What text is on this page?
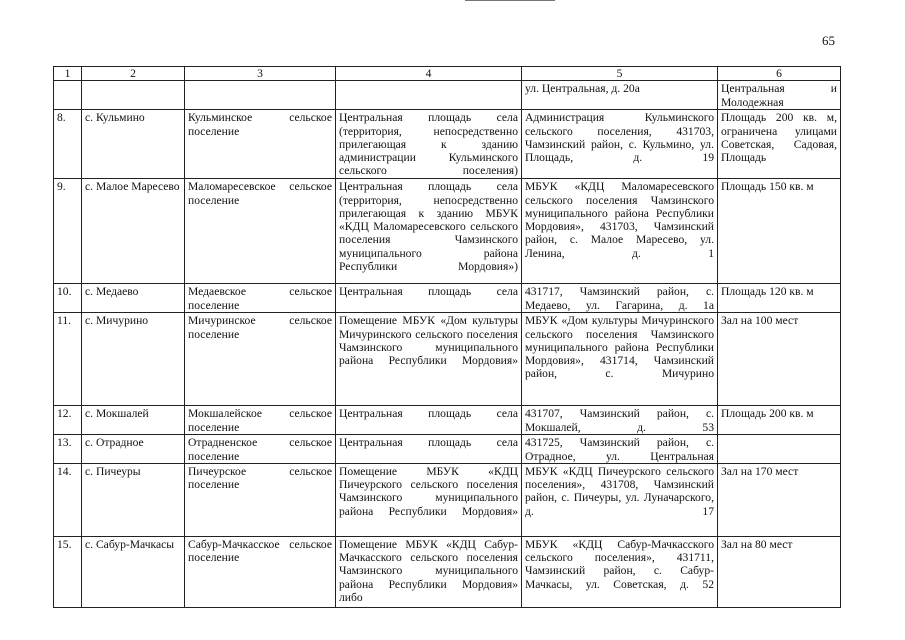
65
1	2	3	4	5	6
				ул. Центральная, д. 20а	Центральная и Молодежная
8.	с. Кульмино	Кульминское сельское поселение	Центральная площадь села (территория, непосредственно прилегающая к зданию администрации Кульминского сельского поселения)	Администрация Кульминского сельского поселения, 431703, Чамзинский район, с. Кульмино, ул. Площадь, д. 19	Площадь 200 кв. м, ограничена улицами Советская, Садовая, Площадь
9.	с. Малое Маресево	Маломаресевское сельское поселение	Центральная площадь села (территория, непосредственно прилегающая к зданию МБУК «КДЦ Маломаресевского сельского поселения Чамзинского муниципального района Республики Мордовия»)	МБУК «КДЦ Маломаресевского сельского поселения Чамзинского муниципального района Республики Мордовия», 431703, Чамзинский район, с. Малое Маресево, ул. Ленина, д. 1	Площадь 150 кв. м
10.	с. Медаево	Медаевское сельское поселение	Центральная площадь села	431717, Чамзинский район, с. Медаево, ул. Гагарина, д. 1а	Площадь 120 кв. м
11.	с. Мичурино	Мичуринское сельское поселение	Помещение МБУК «Дом культуры Мичуринского сельского поселения Чамзинского муниципального района Республики Мордовия»	МБУК «Дом культуры Мичуринского сельского поселения Чамзинского муниципального района Республики Мордовия», 431714, Чамзинский район, с. Мичурино	Зал на 100 мест
12.	с. Мокшалей	Мокшалейское сельское поселение	Центральная площадь села	431707, Чамзинский район, с. Мокшалей, д. 53	Площадь 200 кв. м
13.	с. Отрадное	Отрадненское сельское поселение	Центральная площадь села	431725, Чамзинский район, с. Отрадное, ул. Центральная	
14.	с. Пичеуры	Пичеурское сельское поселение	Помещение МБУК «КДЦ Пичеурского сельского поселения Чамзинского муниципального района Республики Мордовия»	МБУК «КДЦ Пичеурского сельского поселения», 431708, Чамзинский район, с. Пичеуры, ул. Луначарского, д. 17	Зал на 170 мест
15.	с. Сабур-Мачкасы	Сабур-Мачкасское сельское поселение	Помещение МБУК «КДЦ Сабур-Мачкасского сельского поселения Чамзинского муниципального района Республики Мордовия» либо	МБУК «КДЦ Сабур-Мачкасского сельского поселения», 431711, Чамзинский район, с. Сабур-Мачкасы, ул. Советская, д. 52	Зал на 80 мест
